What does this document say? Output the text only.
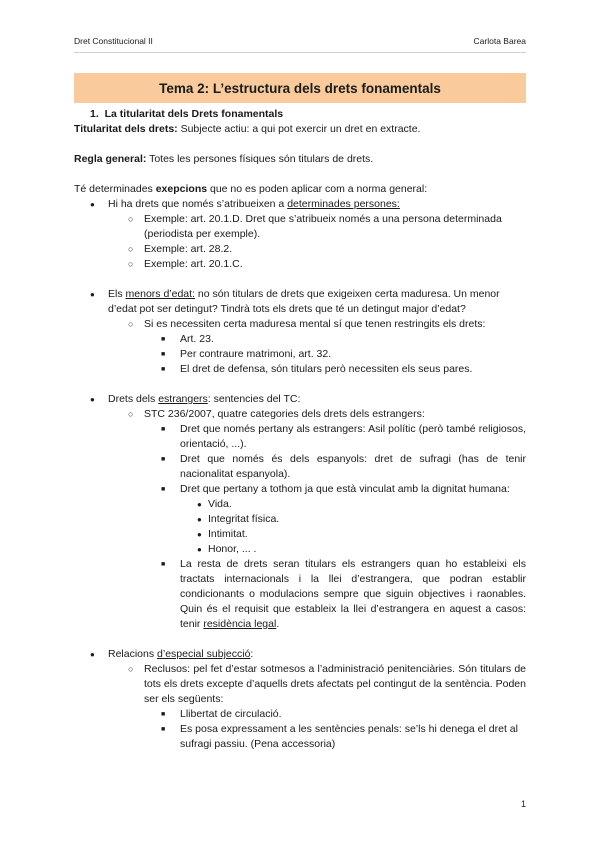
Dret Constitucional II	Carlota Barea
Tema 2: L’estructura dels drets fonamentals
1. La titularitat dels Drets fonamentals
Titularitat dels drets: Subjecte actiu: a qui pot exercir un dret en extracte.
Regla general: Totes les persones físiques són titulars de drets.
Té determinades exepcions que no es poden aplicar com a norma general:
● Hi ha drets que només s’atribueixen a determinades persones:
○ Exemple: art. 20.1.D. Dret que s’atribueix només a una persona determinada (periodista per exemple).
○ Exemple: art. 28.2.
○ Exemple: art. 20.1.C.
● Els menors d’edat: no són titulars de drets que exigeixen certa maduresa. Un menor d’edat pot ser detingut? Tindrà tots els drets que té un detingut major d’edat?
○ Si es necessiten certa maduresa mental sí que tenen restringits els drets:
■ Art. 23.
■ Per contraure matrimoni, art. 32.
■ El dret de defensa, són titulars però necessiten els seus pares.
● Drets dels estrangers: sentencies del TC:
○ STC 236/2007, quatre categories dels drets dels estrangers:
■ Dret que només pertany als estrangers: Asil polític (però també religiosos, orientació, ...).
■ Dret que només és dels espanyols: dret de sufragi (has de tenir nacionalitat espanyola).
■ Dret que pertany a tothom ja que està vinculat amb la dignitat humana:
● Vida.
● Integritat física.
● Intimitat.
● Honor, ... .
■ La resta de drets seran titulars els estrangers quan ho estableixi els tractats internacionals i la llei d’estrangera, que podran establir condicionants o modulacions sempre que siguin objectives i raonables. Quin és el requisit que estableix la llei d’estrangera en aquest a casos: tenir residència legal.
● Relacions d’especial subjecció:
○ Reclusos: pel fet d’estar sotmesos a l’administració penitenciàries. Són titulars de tots els drets excepte d’aquells drets afectats pel contingut de la sentència. Poden ser els següents:
■ Llibertat de circulació.
■ Es posa expressament a les sentències penals: se’ls hi denega el dret al sufragi passiu. (Pena accessoria)
1
